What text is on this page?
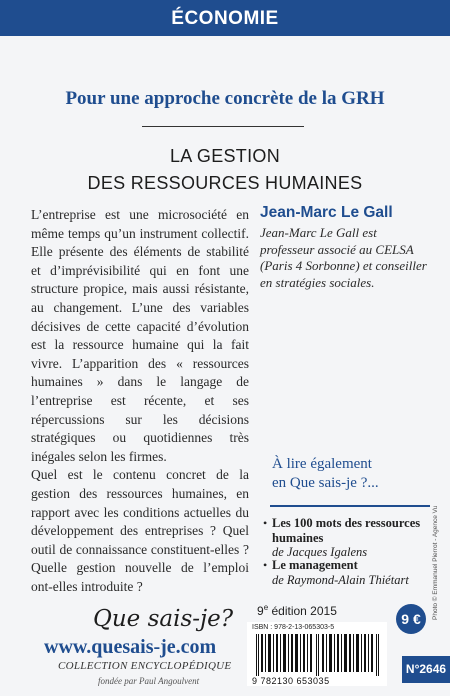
ÉCONOMIE
Pour une approche concrète de la GRH
LA GESTION
DES RESSOURCES HUMAINES

L’entreprise est une microsociété en même temps qu’un instrument collectif. Elle présente des éléments de stabilité et d’imprévisibilité qui en font une structure propice, mais aussi résistante, au changement. L’une des variables décisives de cette capacité d’évolution est la ressource humaine qui la fait vivre. L’apparition des « ressources humaines » dans le langage de l’entreprise est récente, et ses répercussions sur les décisions stratégiques ou quotidiennes très inégales selon les firmes.

Quel est le contenu concret de la gestion des ressources humaines, en rapport avec les conditions actuelles du développement des entreprises ? Quel outil de connaissance constituent-elles ? Quelle gestion nouvelle de l’emploi ont-elles introduite ?

Jean-Marc Le Gall
Jean-Marc Le Gall est professeur associé au CELSA (Paris 4 Sorbonne) et conseiller en stratégies sociales.
À lire également
en Que sais-je ?...
• Les 100 mots des ressources humaines
de Jacques Igalens
• Le management
de Raymond-Alain Thiétart	Photo © Emmanuel Pierrot - Agence Vu
Que sais-je?
www.quesais-je.com
COLLECTION ENCYCLOPÉDIQUE
fondée par Paul Angoulvent
9e édition 2015	9 €
ISBN : 978-2-13-065303-5
9 782130 653035
N°2646
